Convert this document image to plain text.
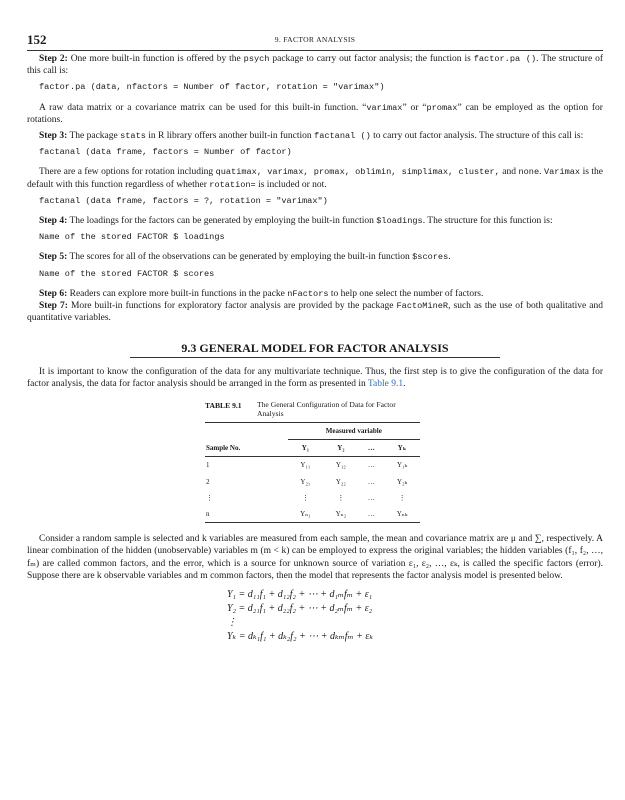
152	9. FACTOR ANALYSIS

Step 2: One more built-in function is offered by the psych package to carry out factor analysis; the function is factor.pa (). The structure of this call is:

factor.pa (data, nfactors = Number of factor, rotation = "varimax")

A raw data matrix or a covariance matrix can be used for this built-in function. “varimax” or “promax” can be employed as the option for rotations.

Step 3: The package stats in R library offers another built-in function factanal () to carry out factor analysis. The structure of this call is:

factanal (data frame, factors = Number of factor)

There are a few options for rotation including quatimax, varimax, promax, oblimin, simplimax, cluster, and none. Varimax is the default with this function regardless of whether rotation= is included or not.

factanal (data frame, factors = ?, rotation = "varimax")

Step 4: The loadings for the factors can be generated by employing the built-in function $loadings. The structure for this function is:

Name of the stored FACTOR $ loadings

Step 5: The scores for all of the observations can be generated by employing the built-in function $scores.

Name of the stored FACTOR $ scores

Step 6: Readers can explore more built-in functions in the packe nFactors to help one select the number of factors.

Step 7: More built-in functions for exploratory factor analysis are provided by the package FactoMineR, such as the use of both qualitative and quantitative variables.

9.3 GENERAL MODEL FOR FACTOR ANALYSIS

It is important to know the configuration of the data for any multivariate technique. Thus, the first step is to give the configuration of the data for factor analysis, the data for factor analysis should be arranged in the form as presented in Table 9.1.

TABLE 9.1	The General Configuration of Data for Factor Analysis
	Measured variable			
Sample No.	Y₁	Y₂	…	Yₖ
1	Y₁₁	Y₁₂	…	Y₁ₖ
2	Y₂₁	Y₂₂	…	Y₂ₖ
⋮	⋮	⋮	…	⋮
n	Yₙ₁	Yₙ₂	…	Yₙₖ

Consider a random sample is selected and k variables are measured from each sample, the mean and covariance matrix are μ and ∑, respectively. A linear combination of the hidden (unobservable) variables m (m < k) can be employed to express the original variables; the hidden variables (f₁, f₂, …, fₘ) are called common factors, and the error, which is a source for unknown source of variation ε₁, ε₂, …, εₖ, is called the specific factors (error). Suppose there are k observable variables and m common factors, then the model that represents the factor analysis model is presented below.

Y₁ = d₁₁f₁ + d₁₂f₂ + ⋯ + d₁ₘfₘ + ε₁
Y₂ = d₂₁f₁ + d₂₂f₂ + ⋯ + d₂ₘfₘ + ε₂
⋮
Yₖ = dₖ₁f₁ + dₖ₂f₂ + ⋯ + dₖₘfₘ + εₖ
